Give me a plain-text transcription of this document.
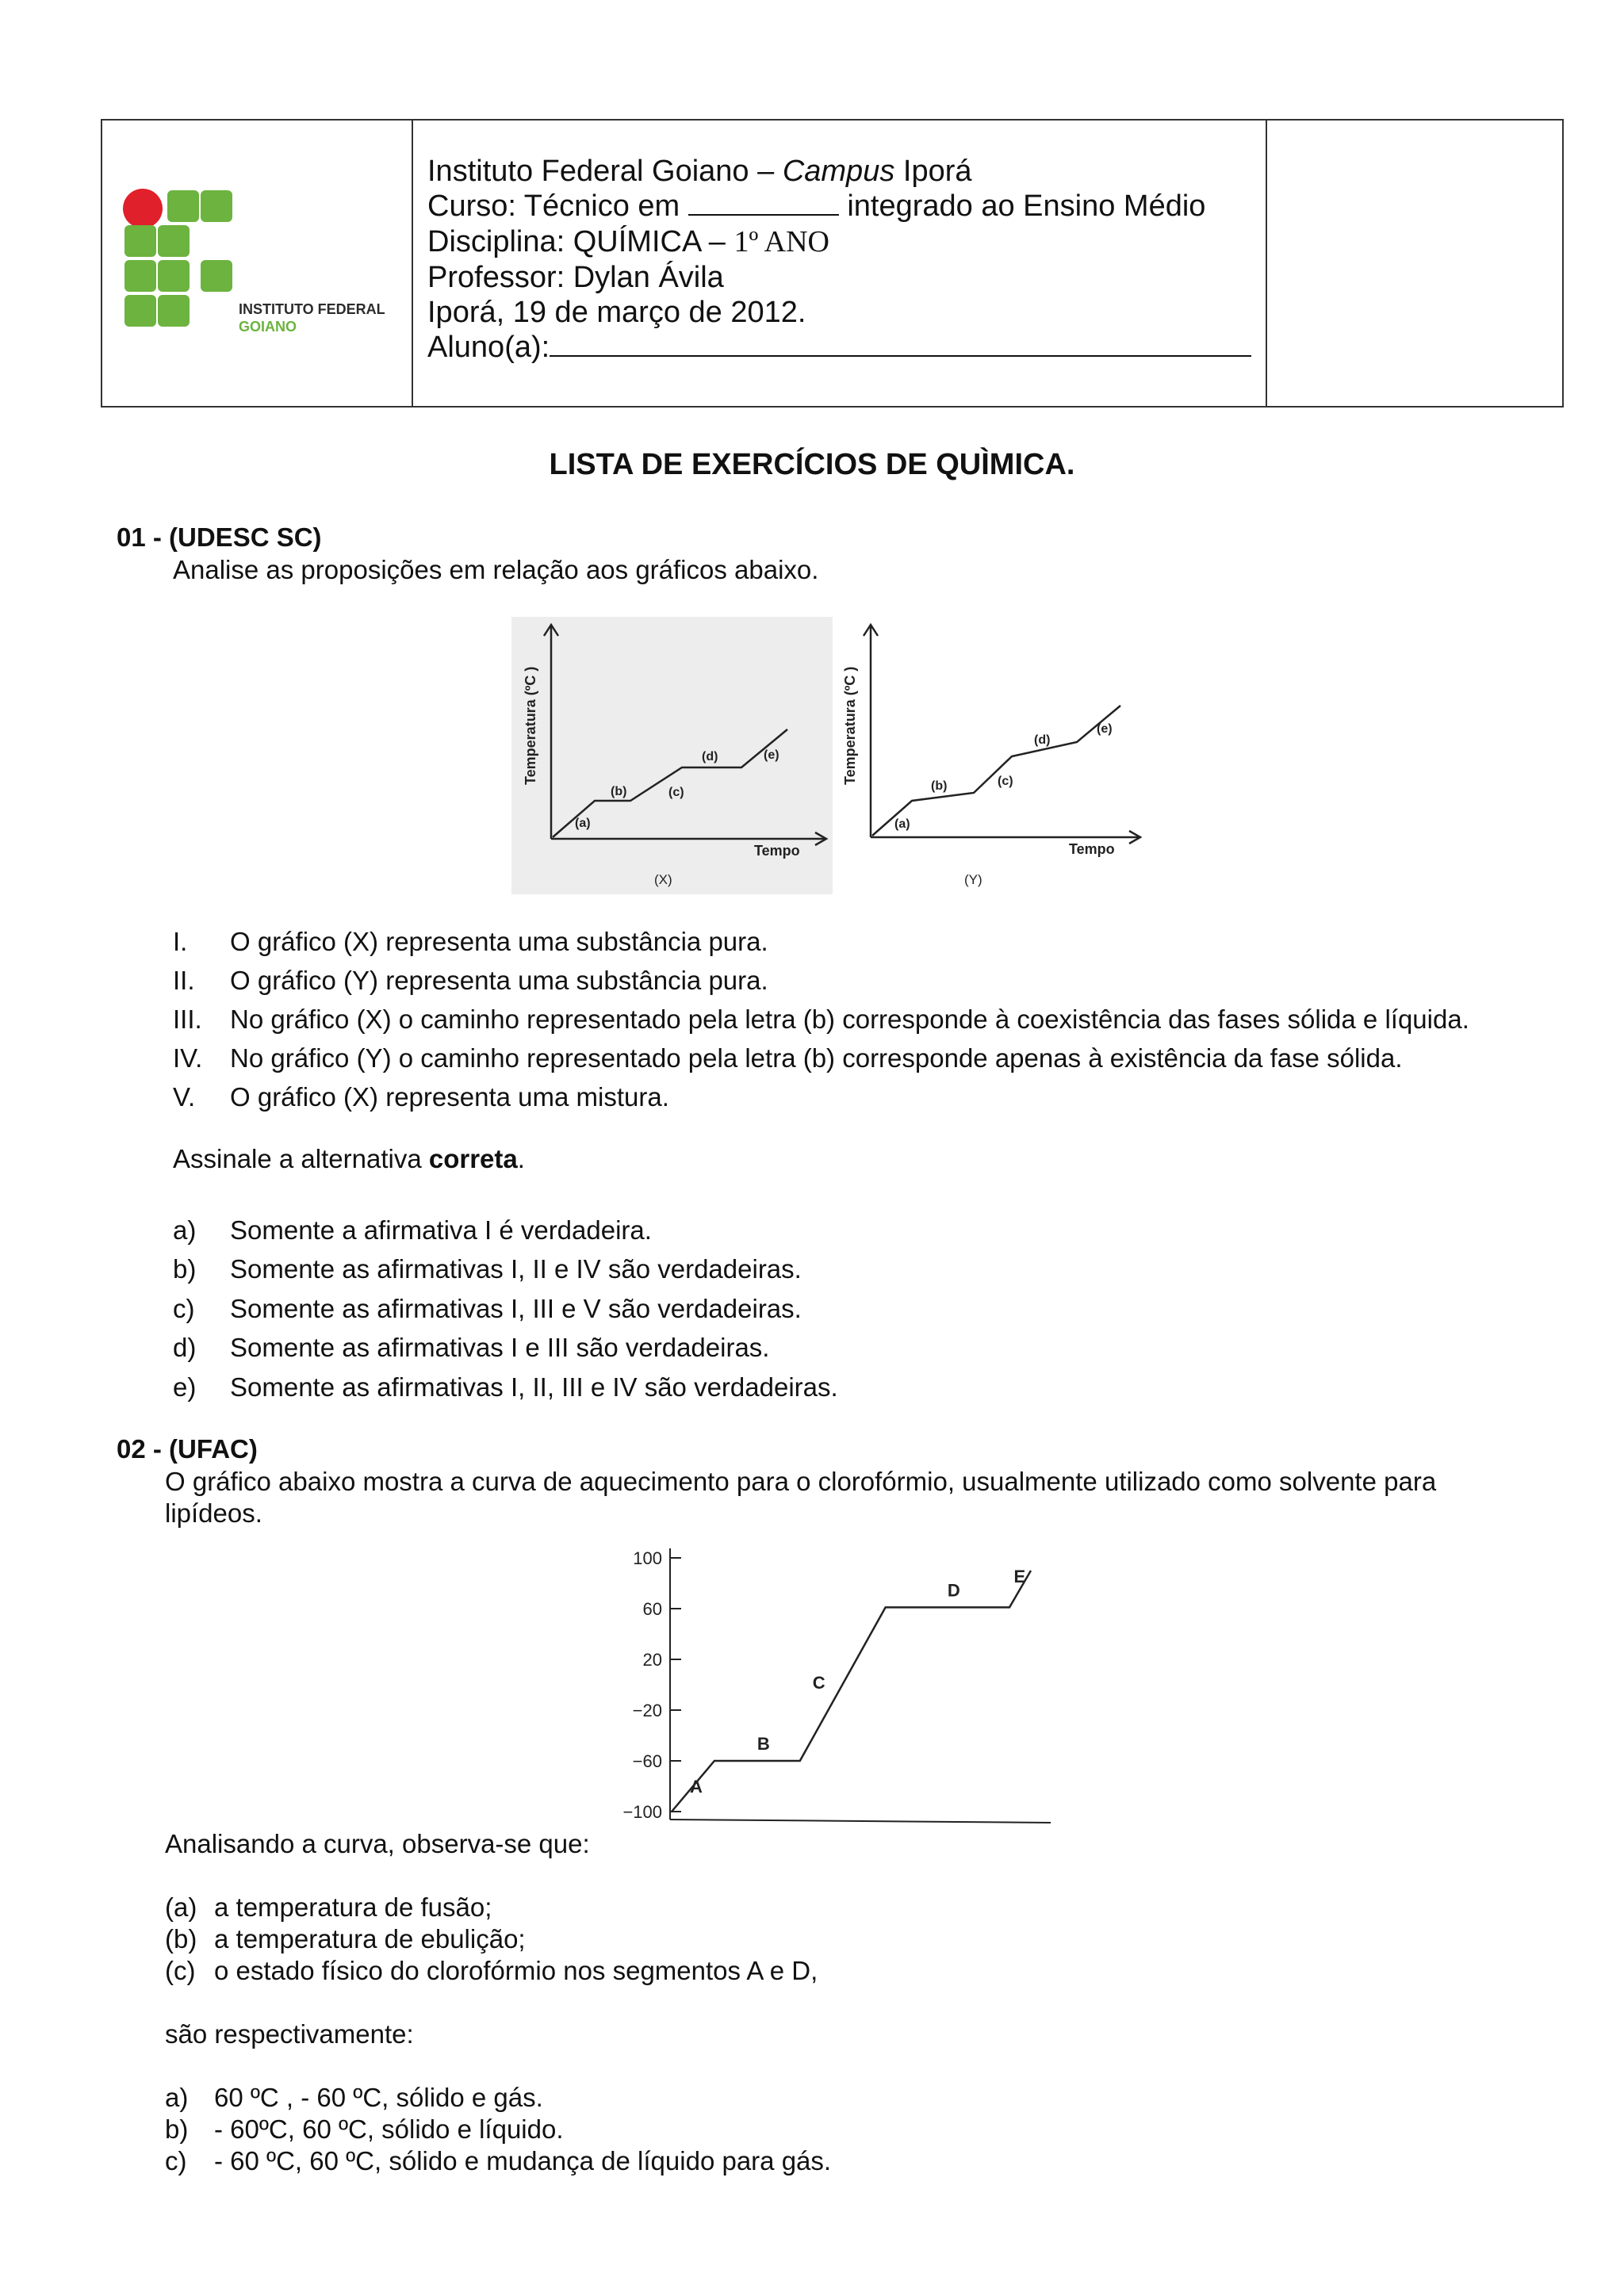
INSTITUTO FEDERAL
GOIANO
Instituto Federal Goiano – Campus Iporá
Curso: Técnico em	integrado ao Ensino Médio
Disciplina: QUÍMICA – 1º ANO
Professor: Dylan Ávila
Iporá, 19 de março de 2012.
Aluno(a):
LISTA DE EXERCÍCIOS DE QUÌMICA.
01 - (UDESC SC)
Analise as proposições em relação aos gráficos abaixo.
(a)
(b)	(c)
(d)	(e)
Tempo
(X)
Temperatura (ºC )
(a)
(b)	(c)
(d)
(e)
Tempo
(Y)
Temperatura (ºC )
I. O gráfico (X) representa uma substância pura.
II. O gráfico (Y) representa uma substância pura.
III. No gráfico (X) o caminho representado pela letra (b) corresponde à coexistência das fases sólida e líquida.
IV. No gráfico (Y) o caminho representado pela letra (b) corresponde apenas à existência da fase sólida.
V. O gráfico (X) representa uma mistura.
Assinale a alternativa correta.
a) Somente a afirmativa I é verdadeira.
b) Somente as afirmativas I, II e IV são verdadeiras.
c) Somente as afirmativas I, III e V são verdadeiras.
d) Somente as afirmativas I e III são verdadeiras.
e) Somente as afirmativas I, II, III e IV são verdadeiras.
02 - (UFAC)
O gráfico abaixo mostra a curva de aquecimento para o clorofórmio, usualmente utilizado como solvente para
lipídeos.
100
60
20
−20
−60
−100
A
B
C
D
E
Analisando a curva, observa-se que:
(a) a temperatura de fusão;
(b) a temperatura de ebulição;
(c) o estado físico do clorofórmio nos segmentos A e D,
são respectivamente:
a) 60 ºC , - 60 ºC, sólido e gás.
b) - 60ºC, 60 ºC, sólido e líquido.
c) - 60 ºC, 60 ºC, sólido e mudança de líquido para gás.
